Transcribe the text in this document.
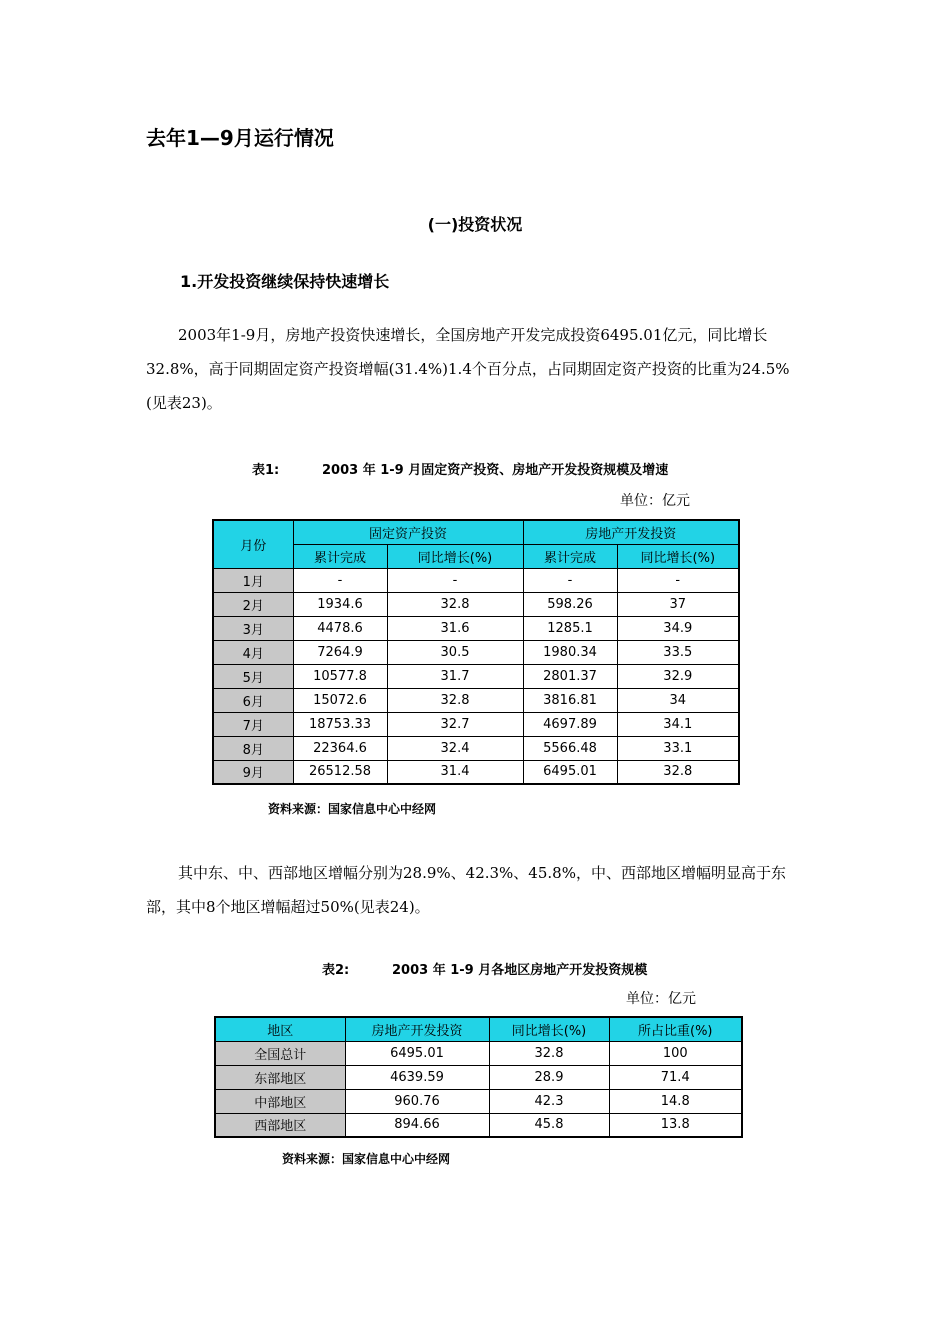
去年1—9月运行情况
(一)投资状况
1.开发投资继续保持快速增长

2003年1-9月，房地产投资快速增长，全国房地产开发完成投资6495.01亿元，同比增长32.8%，高于同期固定资产投资增幅(31.4%)1.4个百分点，占同期固定资产投资的比重为24.5%(见表23)。

表1:	2003 年 1-9 月固定资产投资、房地产开发投资规模及增速
单位：亿元
月份	固定资产投资		房地产开发投资	
	累计完成	同比增长(%)	累计完成	同比增长(%)
1月	-	-	-	-
2月	1934.6	32.8	598.26	37
3月	4478.6	31.6	1285.1	34.9
4月	7264.9	30.5	1980.34	33.5
5月	10577.8	31.7	2801.37	32.9
6月	15072.6	32.8	3816.81	34
7月	18753.33	32.7	4697.89	34.1
8月	22364.6	32.4	5566.48	33.1
9月	26512.58	31.4	6495.01	32.8
资料来源：国家信息中心中经网

其中东、中、西部地区增幅分别为28.9%、42.3%、45.8%，中、西部地区增幅明显高于东部，其中8个地区增幅超过50%(见表24)。

表2:	2003 年 1-9 月各地区房地产开发投资规模
单位：亿元
地区	房地产开发投资	同比增长(%)	所占比重(%)
全国总计	6495.01	32.8	100
东部地区	4639.59	28.9	71.4
中部地区	960.76	42.3	14.8
西部地区	894.66	45.8	13.8
资料来源：国家信息中心中经网
